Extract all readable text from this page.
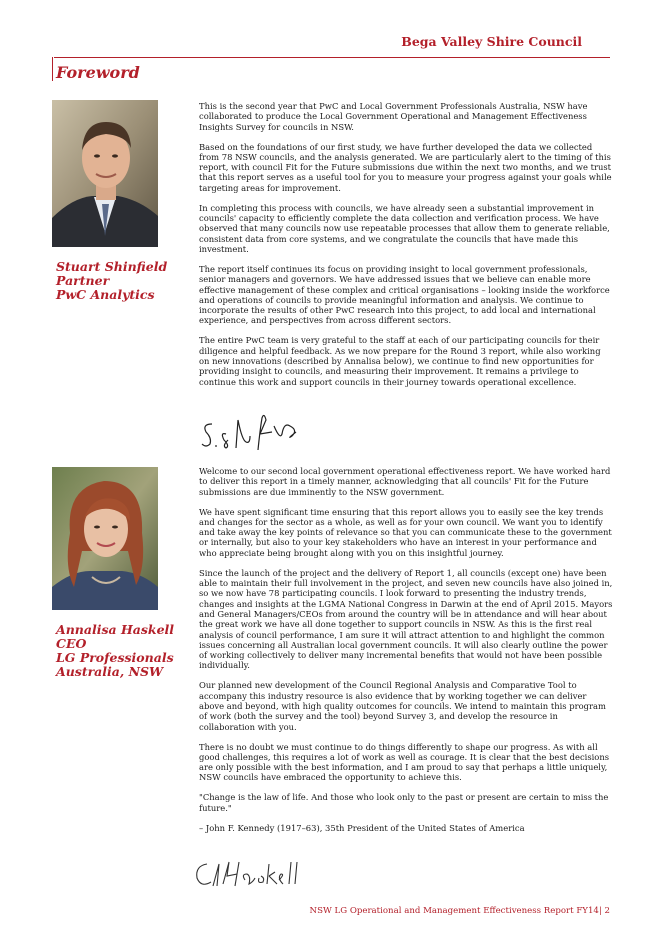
Bega Valley Shire Council
Foreword
Stuart Shinfield
Partner
PwC Analytics

This is the second year that PwC and Local Government Professionals Australia, NSW have collaborated to produce the Local Government Operational and Management Effectiveness Insights Survey for councils in NSW.

Based on the foundations of our first study, we have further developed the data we collected from 78 NSW councils, and the analysis generated. We are particularly alert to the timing of this report, with council Fit for the Future submissions due within the next two months, and we trust that this report serves as a useful tool for you to measure your progress against your goals while targeting areas for improvement.

In completing this process with councils, we have already seen a substantial improvement in councils' capacity to efficiently complete the data collection and verification process. We have observed that many councils now use repeatable processes that allow them to generate reliable, consistent data from core systems, and we congratulate the councils that have made this investment.

The report itself continues its focus on providing insight to local government professionals, senior managers and governors. We have addressed issues that we believe can enable more effective management of these complex and critical organisations – looking inside the workforce and operations of councils to provide meaningful information and analysis. We continue to incorporate the results of other PwC research into this project, to add local and international experience, and perspectives from across different sectors.

The entire PwC team is very grateful to the staff at each of our participating councils for their diligence and helpful feedback. As we now prepare for the Round 3 report, while also working on new innovations (described by Annalisa below), we continue to find new opportunities for providing insight to councils, and measuring their improvement. It remains a privilege to continue this work and support councils in their journey towards operational excellence.

Annalisa Haskell
CEO
LG Professionals
Australia, NSW

Welcome to our second local government operational effectiveness report. We have worked hard to deliver this report in a timely manner, acknowledging that all councils' Fit for the Future submissions are due imminently to the NSW government.

We have spent significant time ensuring that this report allows you to easily see the key trends and changes for the sector as a whole, as well as for your own council. We want you to identify and take away the key points of relevance so that you can communicate these to the government or internally, but also to your key stakeholders who have an interest in your performance and who appreciate being brought along with you on this insightful journey.

Since the launch of the project and the delivery of Report 1, all councils (except one) have been able to maintain their full involvement in the project, and seven new councils have also joined in, so we now have 78 participating councils. I look forward to presenting the industry trends, changes and insights at the LGMA National Congress in Darwin at the end of April 2015. Mayors and General Managers/CEOs from around the country will be in attendance and will hear about the great work we have all done together to support councils in NSW. As this is the first real analysis of council performance, I am sure it will attract attention to and highlight the common issues concerning all Australian local government councils. It will also clearly outline the power of working collectively to deliver many incremental benefits that would not have been possible individually.

Our planned new development of the Council Regional Analysis and Comparative Tool to accompany this industry resource is also evidence that by working together we can deliver above and beyond, with high quality outcomes for councils. We intend to maintain this program of work (both the survey and the tool) beyond Survey 3, and develop the resource in collaboration with you.

There is no doubt we must continue to do things differently to shape our progress. As with all good challenges, this requires a lot of work as well as courage. It is clear that the best decisions are only possible with the best information, and I am proud to say that perhaps a little uniquely, NSW councils have embraced the opportunity to achieve this.

"Change is the law of life. And those who look only to the past or present are certain to miss the future."

– John F. Kennedy (1917–63), 35th President of the United States of America

NSW LG Operational and Management Effectiveness Report FY14| 2
